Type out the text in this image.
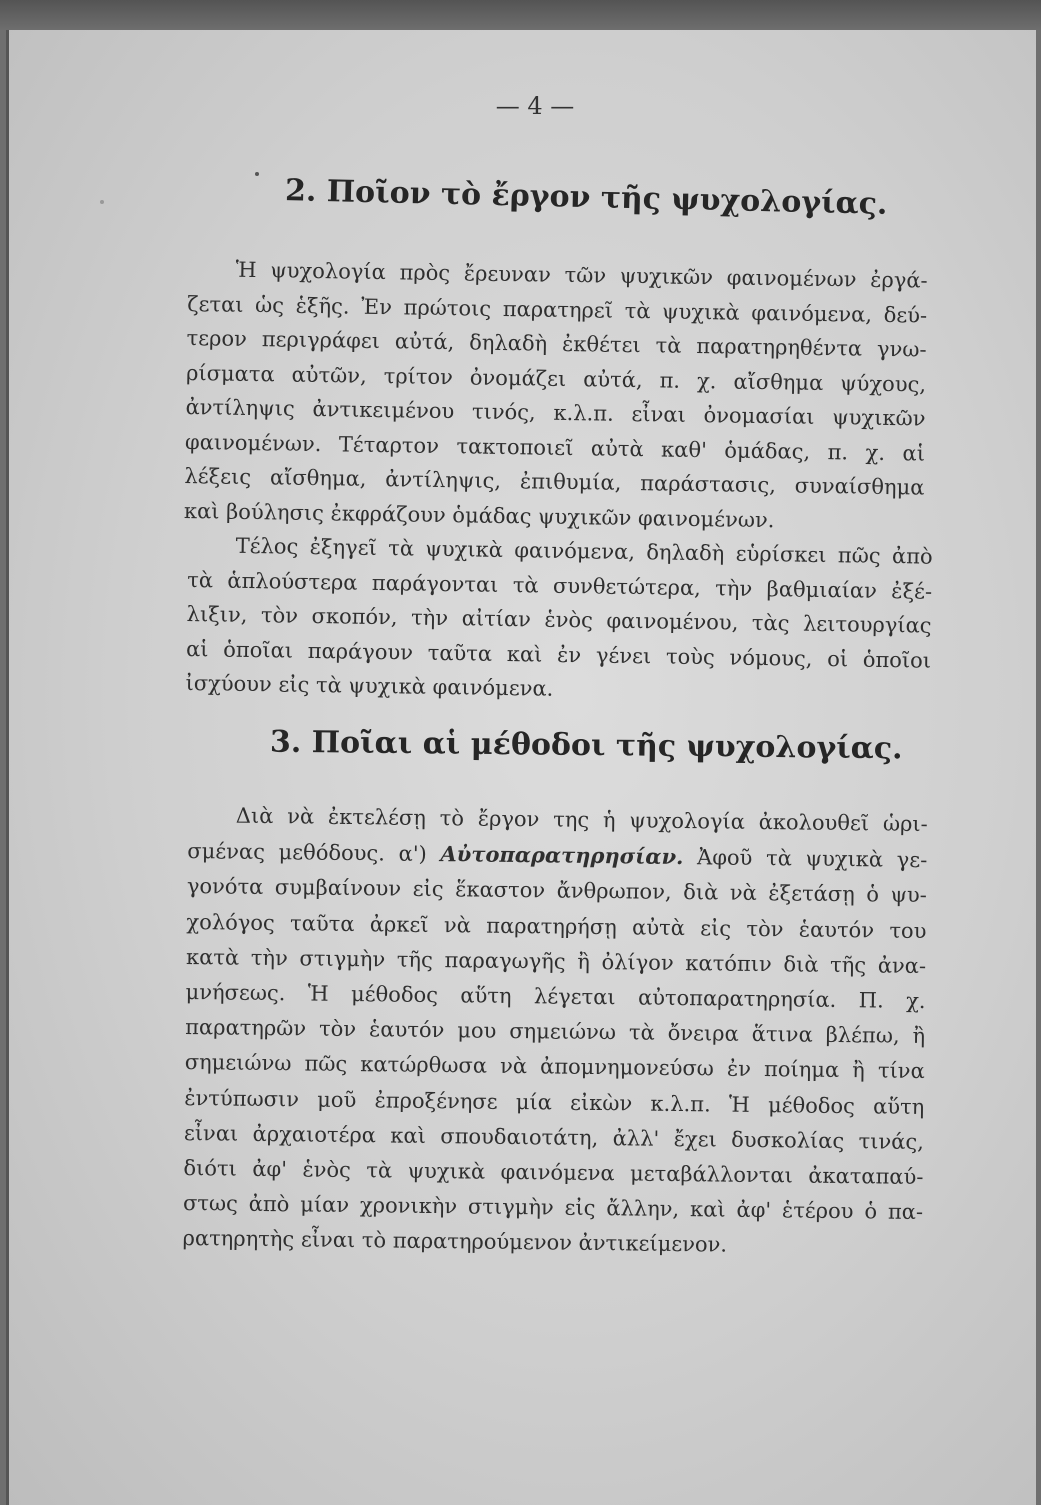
— 4 —
2. Ποῖον τὸ ἔργον τῆς ψυχολογίας.
Ἡ ψυχολογία πρὸς ἔρευναν τῶν ψυχικῶν φαινομένων ἐργά-
ζεται ὡς ἑξῆς. Ἐν πρώτοις παρατηρεῖ τὰ ψυχικὰ φαινόμενα, δεύ-
τερον περιγράφει αὐτά, δηλαδὴ ἐκθέτει τὰ παρατηρηθέντα γνω-
ρίσματα αὐτῶν, τρίτον ὀνομάζει αὐτά, π. χ. αἴσθημα ψύχους,
ἀντίληψις ἀντικειμένου τινός, κ.λ.π. εἶναι ὀνομασίαι ψυχικῶν
φαινομένων. Τέταρτον τακτοποιεῖ αὐτὰ καθ' ὁμάδας, π. χ. αἱ
λέξεις αἴσθημα, ἀντίληψις, ἐπιθυμία, παράστασις, συναίσθημα
καὶ βούλησις ἐκφράζουν ὁμάδας ψυχικῶν φαινομένων.
Τέλος ἐξηγεῖ τὰ ψυχικὰ φαινόμενα, δηλαδὴ εὑρίσκει πῶς ἀπὸ
τὰ ἁπλούστερα παράγονται τὰ συνθετώτερα, τὴν βαθμιαίαν ἐξέ-
λιξιν, τὸν σκοπόν, τὴν αἰτίαν ἑνὸς φαινομένου, τὰς λειτουργίας
αἱ ὁποῖαι παράγουν ταῦτα καὶ ἐν γένει τοὺς νόμους, οἱ ὁποῖοι
ἰσχύουν εἰς τὰ ψυχικὰ φαινόμενα.
3. Ποῖαι αἱ μέθοδοι τῆς ψυχολογίας.
Διὰ νὰ ἐκτελέσῃ τὸ ἔργον της ἡ ψυχολογία ἀκολουθεῖ ὡρι-
σμένας μεθόδους. α') Αὐτοπαρατηρησίαν. Ἀφοῦ τὰ ψυχικὰ γε-
γονότα συμβαίνουν εἰς ἕκαστον ἄνθρωπον, διὰ νὰ ἐξετάσῃ ὁ ψυ-
χολόγος ταῦτα ἀρκεῖ νὰ παρατηρήσῃ αὐτὰ εἰς τὸν ἑαυτόν του
κατὰ τὴν στιγμὴν τῆς παραγωγῆς ἢ ὀλίγον κατόπιν διὰ τῆς ἀνα-
μνήσεως. Ἡ μέθοδος αὕτη λέγεται αὐτοπαρατηρησία. Π. χ.
παρατηρῶν τὸν ἑαυτόν μου σημειώνω τὰ ὄνειρα ἅτινα βλέπω, ἢ
σημειώνω πῶς κατώρθωσα νὰ ἀπομνημονεύσω ἐν ποίημα ἢ τίνα
ἐντύπωσιν μοῦ ἐπροξένησε μία εἰκὼν κ.λ.π. Ἡ μέθοδος αὕτη
εἶναι ἀρχαιοτέρα καὶ σπουδαιοτάτη, ἀλλ' ἔχει δυσκολίας τινάς,
διότι ἀφ' ἑνὸς τὰ ψυχικὰ φαινόμενα μεταβάλλονται ἀκαταπαύ-
στως ἀπὸ μίαν χρονικὴν στιγμὴν εἰς ἄλλην, καὶ ἀφ' ἑτέρου ὁ πα-
ρατηρητὴς εἶναι τὸ παρατηρούμενον ἀντικείμενον.
